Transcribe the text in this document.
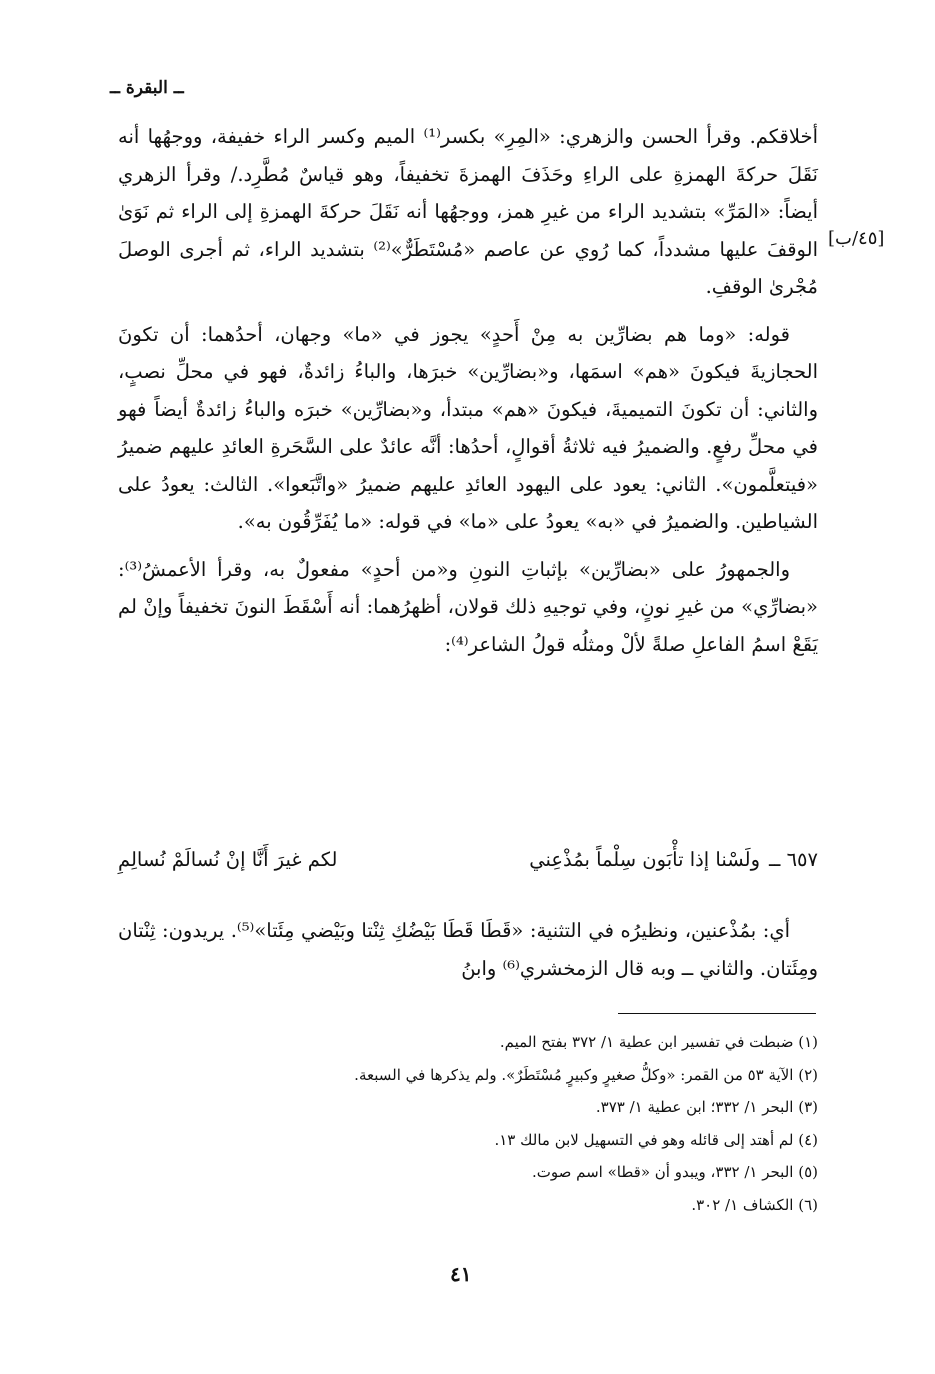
ــ البقرة ــ
[٤٥/ب]

أخلاقكم. وقرأ الحسن والزهري: «المِرِ» بكسر⁽¹⁾ الميم وكسر الراء خفيفة، ووجهُها أنه نَقَلَ حركةَ الهمزةِ على الراءِ وحَذَفَ الهمزةَ تخفيفاً، وهو قياسٌ مُطَّرِد./ وقرأ الزهري أيضاً: «المَرِّ» بتشديد الراء من غيرِ همز، ووجهُها أنه نَقَلَ حركةَ الهمزةِ إلى الراء ثم نَوَىٰ الوقفَ عليها مشدداً، كما رُوي عن عاصم «مُسْتَطَرٌّ»⁽²⁾ بتشديد الراء، ثم أجرى الوصلَ مُجْرىٰ الوقفِ.

قوله: «وما هم بضارِّين به مِنْ أَحدٍ» يجوز في «ما» وجهان، أحدُهما: أن تكونَ الحجازيةَ فيكونَ «هم» اسمَها، و«بضارِّين» خبرَها، والباءُ زائدةٌ، فهو في محلِّ نصبٍ، والثاني: أن تكونَ التميميةَ، فيكونَ «هم» مبتدأ، و«بضارِّين» خبرَه والباءُ زائدةٌ أيضاً فهو في محلِّ رفعٍ. والضميرُ فيه ثلاثةُ أقوالٍ، أحدُها: أنَّه عائدٌ على السَّحَرةِ العائدِ عليهم ضميرُ «فيتعلَّمون». الثاني: يعود على اليهود العائدِ عليهم ضميرُ «واتَّبَعوا». الثالث: يعودُ على الشياطين. والضميرُ في «به» يعودُ على «ما» في قوله: «ما يُفَرِّقُون به».

والجمهورُ على «بضارِّين» بإثباتِ النونِ و«من أحدٍ» مفعولٌ به، وقرأ الأعمشُ⁽³⁾: «بضارِّي» من غيرِ نونٍ، وفي توجيهِ ذلك قولان، أظهرُهما: أنه أَسْقَطَ النونَ تخفيفاً وإنْ لم يَقَعْ اسمُ الفاعلِ صلةً لألْ ومثلُه قولُ الشاعر⁽⁴⁾:

٦٥٧ ــ
ولَسْنا إذا تأْبَون سِلْماً بمُذْعِني
لكم غيرَ أَنَّا إنْ نُسالَمْ نُسالِمِ

أي: بمُذْعنين، ونظيرُه في التثنية: «قَطَا قَطَا بَيْضُكِ ثِنْتا وبَيْضي مِئَتا»⁽⁵⁾. يريدون: ثِنْتان ومِئَتان. والثاني ــ وبه قال الزمخشري⁽⁶⁾ وابنُ

(١) ضبطت في تفسير ابن عطية ١/ ٣٧٢ بفتح الميم.

(٢) الآية ٥٣ من القمر: «وكلُّ صغيرٍ وكبيرٍ مُسْتَطَرٌ». ولم يذكرها في السبعة.

(٣) البحر ١/ ٣٣٢؛ ابن عطية ١/ ٣٧٣.

(٤) لم أهتد إلى قائله وهو في التسهيل لابن مالك ١٣.

(٥) البحر ١/ ٣٣٢، ويبدو أن «قطا» اسم صوت.

(٦) الكشاف ١/ ٣٠٢.

٤١
